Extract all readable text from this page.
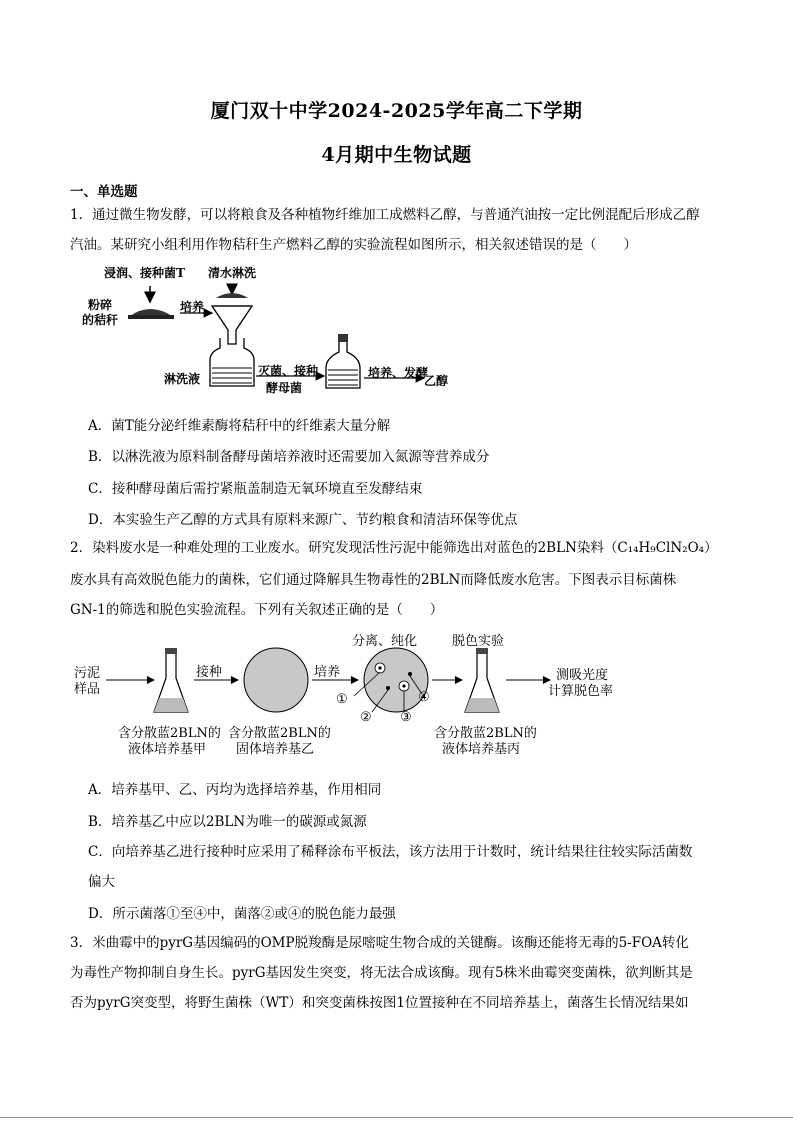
厦门双十中学2024-2025学年高二下学期
4月期中生物试题
一、单选题
1．通过微生物发酵，可以将粮食及各种植物纤维加工成燃料乙醇，与普通汽油按一定比例混配后形成乙醇
汽油。某研究小组利用作物秸秆生产燃料乙醇的实验流程如图所示，相关叙述错误的是（　　）
浸润、接种菌T 清水淋洗
粉碎
的秸秆
培养
淋洗液
灭菌、接种
酵母菌
培养、发酵
乙醇
A．菌T能分泌纤维素酶将秸秆中的纤维素大量分解
B．以淋洗液为原料制备酵母菌培养液时还需要加入氮源等营养成分
C．接种酵母菌后需拧紧瓶盖制造无氧环境直至发酵结束
D．本实验生产乙醇的方式具有原料来源广、节约粮食和清洁环保等优点
2．染料废水是一种难处理的工业废水。研究发现活性污泥中能筛选出对蓝色的2BLN染料（C₁₄H₉ClN₂O₄）
废水具有高效脱色能力的菌株，它们通过降解具生物毒性的2BLN而降低废水危害。下图表示目标菌株
GN-1的筛选和脱色实验流程。下列有关叙述正确的是（　　）
污泥
样品
接种	培养
分离、纯化	脱色实验
测吸光度
计算脱色率
含分散蓝2BLN的
液体培养基甲
含分散蓝2BLN的
固体培养基乙
含分散蓝2BLN的
液体培养基丙
①
② ③
④
A．培养基甲、乙、丙均为选择培养基，作用相同
B．培养基乙中应以2BLN为唯一的碳源或氮源
C．向培养基乙进行接种时应采用了稀释涂布平板法，该方法用于计数时，统计结果往往较实际活菌数
偏大
D．所示菌落①至④中，菌落②或④的脱色能力最强
3．米曲霉中的pyrG基因编码的OMP脱羧酶是尿嘧啶生物合成的关键酶。该酶还能将无毒的5-FOA转化
为毒性产物抑制自身生长。pyrG基因发生突变，将无法合成该酶。现有5株米曲霉突变菌株，欲判断其是
否为pyrG突变型，将野生菌株（WT）和突变菌株按图1位置接种在不同培养基上，菌落生长情况结果如
